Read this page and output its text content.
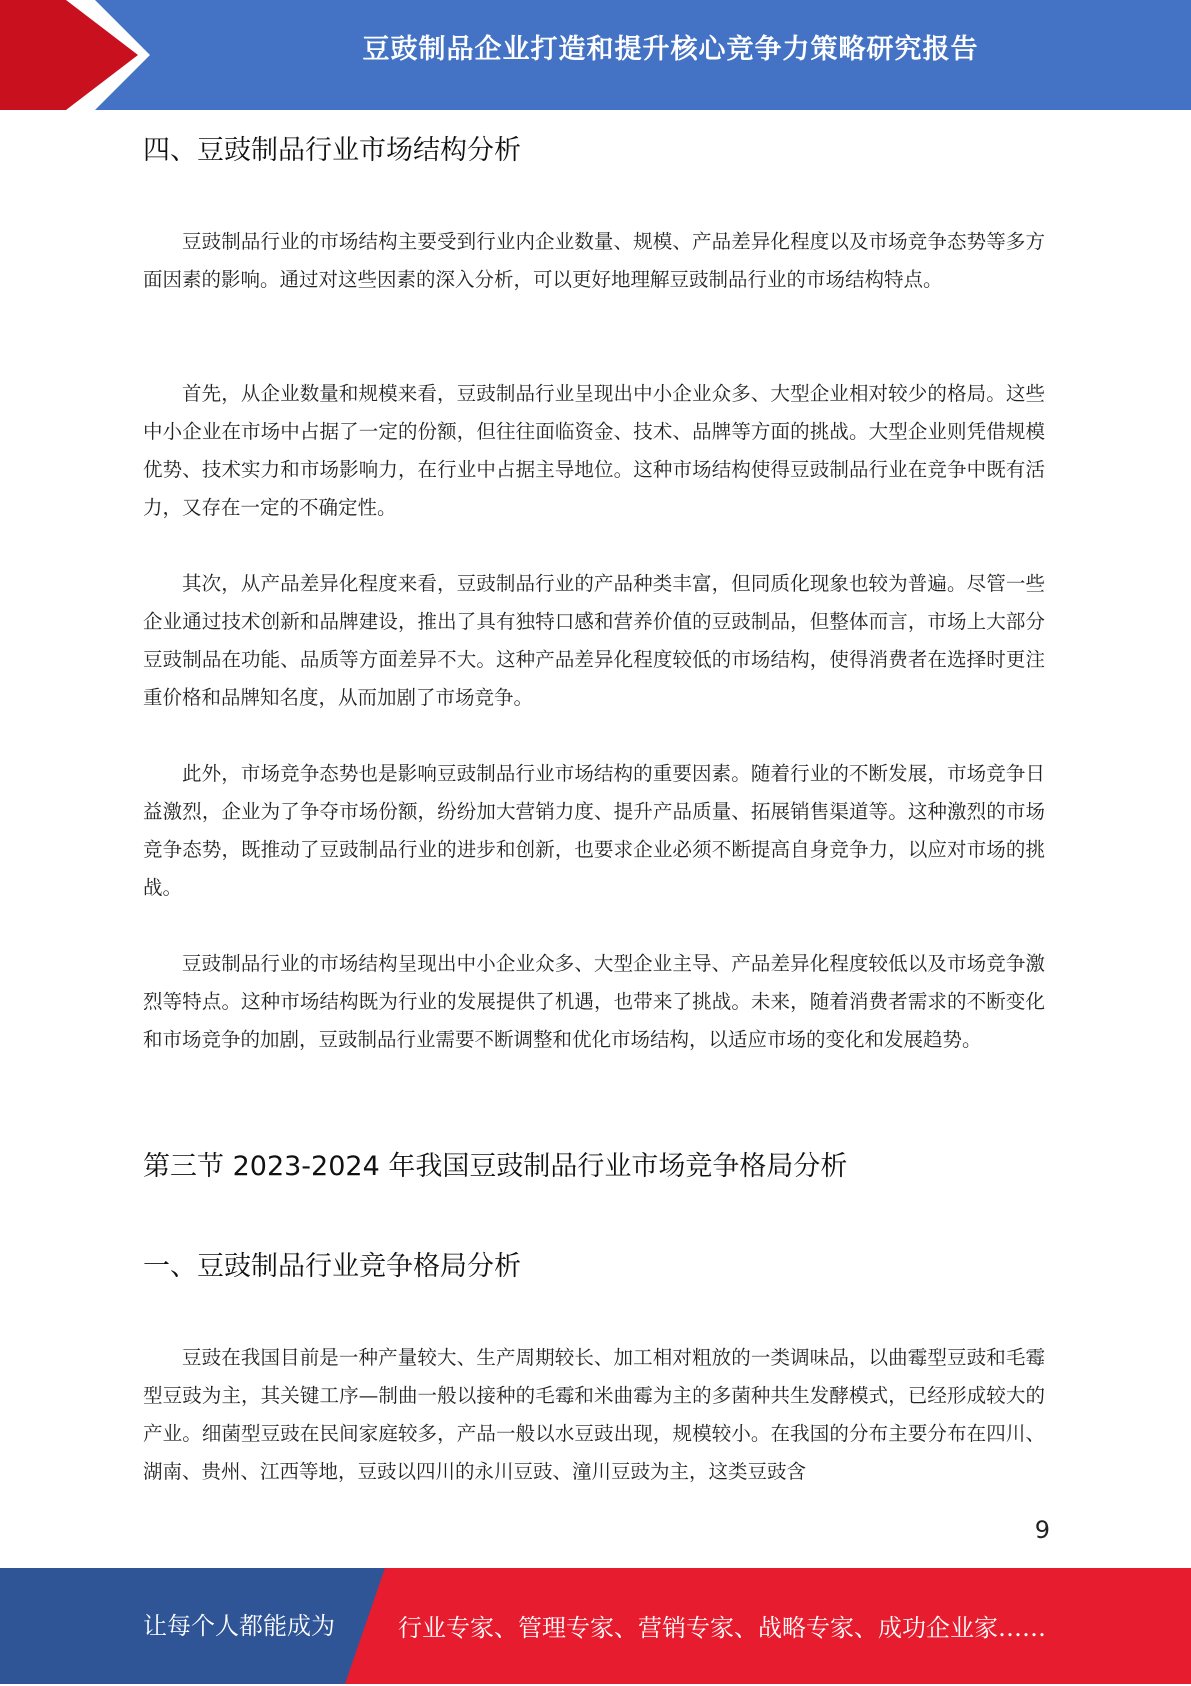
豆豉制品企业打造和提升核心竞争力策略研究报告
四、豆豉制品行业市场结构分析

豆豉制品行业的市场结构主要受到行业内企业数量、规模、产品差异化程度以及市场竞争态势等多方面因素的影响。通过对这些因素的深入分析，可以更好地理解豆豉制品行业的市场结构特点。

首先，从企业数量和规模来看，豆豉制品行业呈现出中小企业众多、大型企业相对较少的格局。这些中小企业在市场中占据了一定的份额，但往往面临资金、技术、品牌等方面的挑战。大型企业则凭借规模优势、技术实力和市场影响力，在行业中占据主导地位。这种市场结构使得豆豉制品行业在竞争中既有活力，又存在一定的不确定性。

其次，从产品差异化程度来看，豆豉制品行业的产品种类丰富，但同质化现象也较为普遍。尽管一些企业通过技术创新和品牌建设，推出了具有独特口感和营养价值的豆豉制品，但整体而言，市场上大部分豆豉制品在功能、品质等方面差异不大。这种产品差异化程度较低的市场结构，使得消费者在选择时更注重价格和品牌知名度，从而加剧了市场竞争。

此外，市场竞争态势也是影响豆豉制品行业市场结构的重要因素。随着行业的不断发展，市场竞争日益激烈，企业为了争夺市场份额，纷纷加大营销力度、提升产品质量、拓展销售渠道等。这种激烈的市场竞争态势，既推动了豆豉制品行业的进步和创新，也要求企业必须不断提高自身竞争力，以应对市场的挑战。

豆豉制品行业的市场结构呈现出中小企业众多、大型企业主导、产品差异化程度较低以及市场竞争激烈等特点。这种市场结构既为行业的发展提供了机遇，也带来了挑战。未来，随着消费者需求的不断变化和市场竞争的加剧，豆豉制品行业需要不断调整和优化市场结构，以适应市场的变化和发展趋势。

第三节 2023-2024 年我国豆豉制品行业市场竞争格局分析
一、豆豉制品行业竞争格局分析

豆豉在我国目前是一种产量较大、生产周期较长、加工相对粗放的一类调味品，以曲霉型豆豉和毛霉型豆豉为主，其关键工序—制曲一般以接种的毛霉和米曲霉为主的多菌种共生发酵模式，已经形成较大的产业。细菌型豆豉在民间家庭较多，产品一般以水豆豉出现，规模较小。在我国的分布主要分布在四川、湖南、贵州、江西等地，豆豉以四川的永川豆豉、潼川豆豉为主，这类豆豉含

9
让每个人都能成为	行业专家、管理专家、营销专家、战略专家、成功企业家……
